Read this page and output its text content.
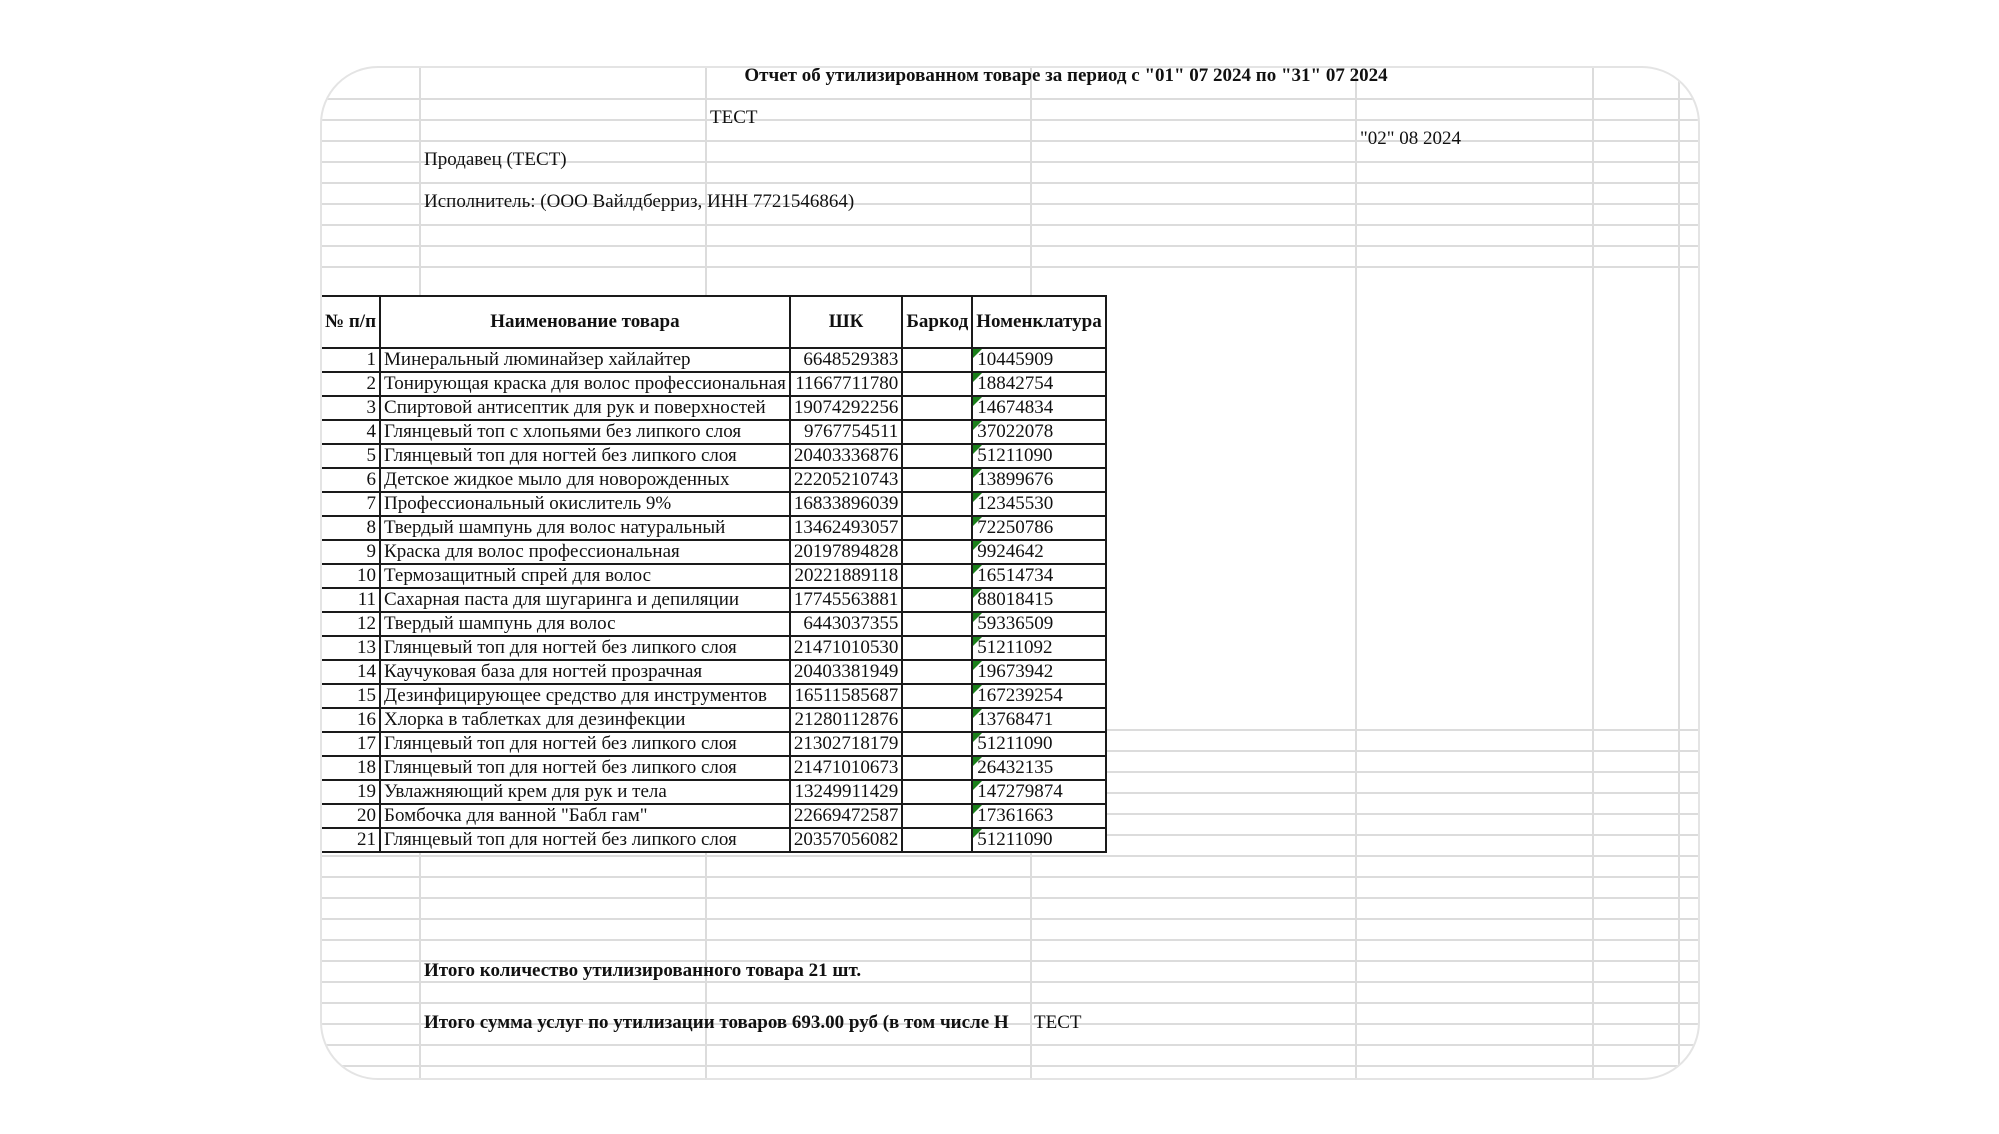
Отчет об утилизированном товаре за период с "01" 07 2024 по "31" 07 2024
ТЕСТ
"02" 08 2024
Продавец (ТЕСТ)
Исполнитель: (ООО Вайлдберриз, ИНН 7721546864)
№ п/п	Наименование товара	ШК	Баркод	Номенклатура
1	Минеральный люминайзер хайлайтер	6648529383		10445909
2	Тонирующая краска для волос профессиональная	11667711780		18842754
3	Спиртовой антисептик для рук и поверхностей	19074292256		14674834
4	Глянцевый топ с хлопьями без липкого слоя	9767754511		37022078
5	Глянцевый топ для ногтей без липкого слоя	20403336876		51211090
6	Детское жидкое мыло для новорожденных	22205210743		13899676
7	Профессиональный окислитель 9%	16833896039		12345530
8	Твердый шампунь для волос натуральный	13462493057		72250786
9	Краска для волос профессиональная	20197894828		9924642
10	Термозащитный спрей для волос	20221889118		16514734
11	Сахарная паста для шугаринга и депиляции	17745563881		88018415
12	Твердый шампунь для волос	6443037355		59336509
13	Глянцевый топ для ногтей без липкого слоя	21471010530		51211092
14	Каучуковая база для ногтей прозрачная	20403381949		19673942
15	Дезинфицирующее средство для инструментов	16511585687		167239254
16	Хлорка в таблетках для дезинфекции	21280112876		13768471
17	Глянцевый топ для ногтей без липкого слоя	21302718179		51211090
18	Глянцевый топ для ногтей без липкого слоя	21471010673		26432135
19	Увлажняющий крем для рук и тела	13249911429		147279874
20	Бомбочка для ванной "Бабл гам"	22669472587		17361663
21	Глянцевый топ для ногтей без липкого слоя	20357056082		51211090
Итого количество утилизированного товара 21 шт.
Итого сумма услуг по утилизации товаров 693.00 руб (в том числе Н	ТЕСТ
